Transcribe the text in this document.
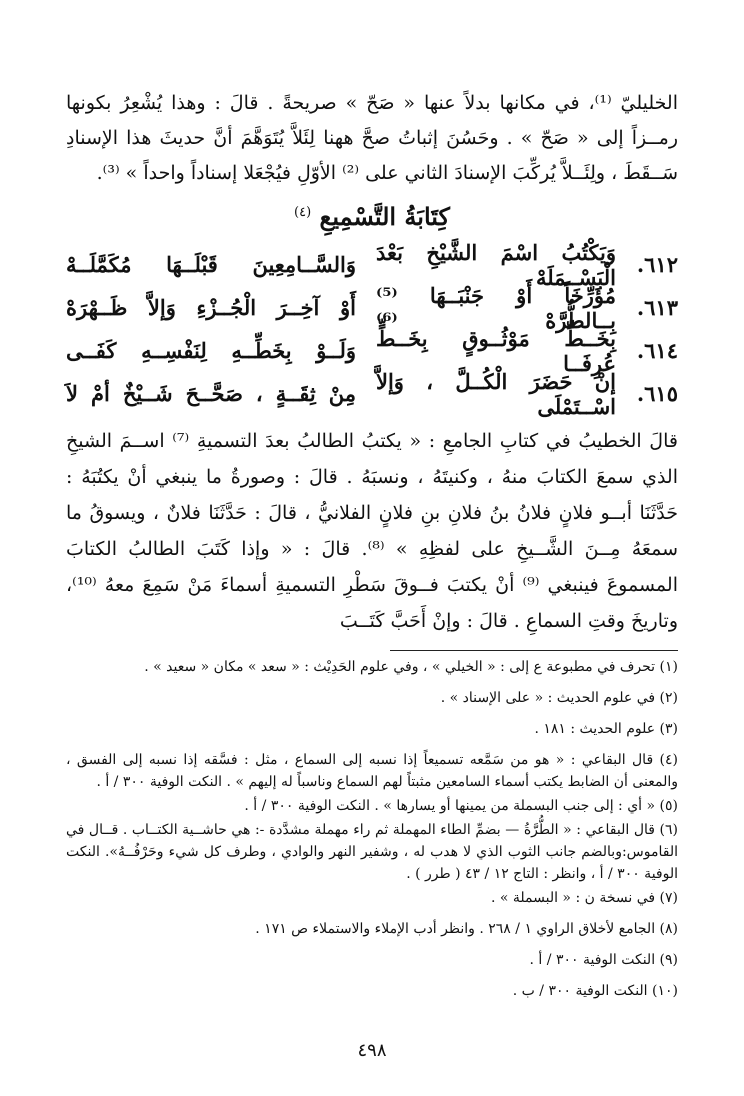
الخليليّ ⁽¹⁾، في مكانها بدلاً عنها « صَحّ » صريحةً . قالَ : وهذا يُشْعِرُ بكونها رمــزاً إلى « صَحّ » . وحَسُنَ إثباتُ صحَّ ههنا لِئَلاَّ يُتَوَهَّمَ أنَّ حديثَ هذا الإسنادِ سَــقَطَ ، ولِئَــلاَّ يُركِّبَ الإسنادَ الثاني على ⁽²⁾ الأوّلِ فيُجْعَلا إسناداً واحداً » ⁽³⁾.

كِتَابَةُ التَّسْمِيعِ $^{(٤)}$
٦١٢.
وَيَكْتُبُ اسْمَ الشَّيْخِ بَعْدَ الْبَسْــمَلَهْ
وَالسَّــامِعِينَ قَبْلَــهَا مُكَمَّلَــهْ
٦١٣.
مُؤَرِّخَاً أَوْ جَنْبَــهَا ⁽⁵⁾ بِــالطُّرَّهْ ⁽⁶⁾
أَوْ آخِــرَ الْجُــزْءِ وَإلاَّ ظَــهْرَهْ
٦١٤.
بِخَــطِّ مَوْثُــوقٍ بِخَــطٍّ عُرِفَــا
وَلَــوْ بِخَطِّــهِ لِنَفْسِــهِ كَفَــى
٦١٥.
إنْ حَضَرَ الْكُــلَّ ، وَإلاَّ اسْــتَمْلَى
مِنْ ثِقَــةٍ ، صَحَّــحَ شَــيْخٌ أمْ لاَ

قالَ الخطيبُ في كتابِ الجامعِ : « يكتبُ الطالبُ بعدَ التسميةِ ⁽⁷⁾ اســمَ الشيخِ الذي سمعَ الكتابَ منهُ ، وكنيتَهُ ، ونسبَهُ . قالَ : وصورةُ ما ينبغي أنْ يكتُبَهُ : حَدَّثَنَا أبــو فلانٍ فلانُ بنُ فلانِ بنِ فلانٍ الفلانيُّ ، قالَ : حَدَّثَنَا فلانٌ ، ويسوقُ ما سمعَهُ مِــنَ الشَّــيخِ على لفظِهِ » ⁽⁸⁾. قالَ : « وإذا كَتَبَ الطالبُ الكتابَ المسموعَ فينبغي ⁽⁹⁾ أنْ يكتبَ فــوقَ سَطْرِ التسميةِ أسماءَ مَنْ سَمِعَ معهُ ⁽¹⁰⁾، وتاريخَ وقتِ السماعِ . قالَ : وإنْ أَحَبَّ كَتَــبَ

(١) تحرف في مطبوعة ع إلى : « الخيلي » ، وفي علوم الحَدِيْث : « سعد » مكان « سعيد » .

(٢) في علوم الحديث : « على الإسناد » .

(٣) علوم الحديث : ١٨١ .

(٤) قال البقاعي : « هو من سَمَّعه تسميعاً إذا نسبه إلى السماع ، مثل : فسَّقه إذا نسبه إلى الفسق ، والمعنى أن الضابط يكتب أسماء السامعين مثبتاً لهم السماع وناسباً له إليهم » . النكت الوفية ٣٠٠ / أ .

(٥) « أي : إلى جنب البسملة من يمينها أو يسارها » . النكت الوفية ٣٠٠ / أ .

(٦) قال البقاعي : « الطُّرَّةُ — بضمِّ الطاء المهملة ثم راء مهملة مشدَّدة -: هي حاشــية الكتــاب . قــال في القاموس:وبالضم جانب الثوب الذي لا هدب له ، وشفير النهر والوادي ، وطرف كل شيء وحَرْفُــهُ». النكت الوفية ٣٠٠ / أ ، وانظر : التاج ١٢ / ٤٣ ( طرر ) .

(٧) في نسخة ن : « البسملة » .

(٨) الجامع لأخلاق الراوي ١ / ٢٦٨ . وانظر أدب الإملاء والاستملاء ص ١٧١ .

(٩) النكت الوفية ٣٠٠ / أ .

(١٠) النكت الوفية ٣٠٠ / ب .

٤٩٨
